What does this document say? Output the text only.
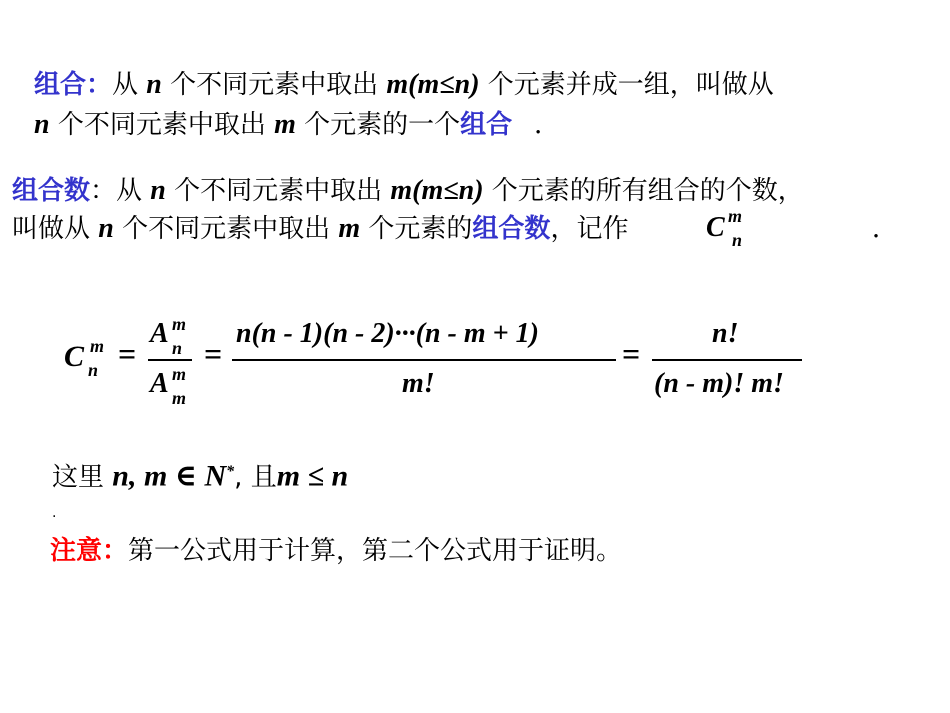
组合：从 n 个不同元素中取出 m(m≤n) 个元素并成一组，叫做从
n 个不同元素中取出 m 个元素的一个组合 ．
组合数：从 n 个不同元素中取出 m(m≤n) 个元素的所有组合的个数，
叫做从 n 个不同元素中取出 m 个元素的组合数，记作	C m
n	．
C m
n =
A m
n
A m
m
=
n(n - 1)(n - 2)···(n - m + 1)
m!
=
n!
(n - m)! m!
这里 n, m ∈ N*, 且m ≤ n
.
注意：第一公式用于计算，第二个公式用于证明。
